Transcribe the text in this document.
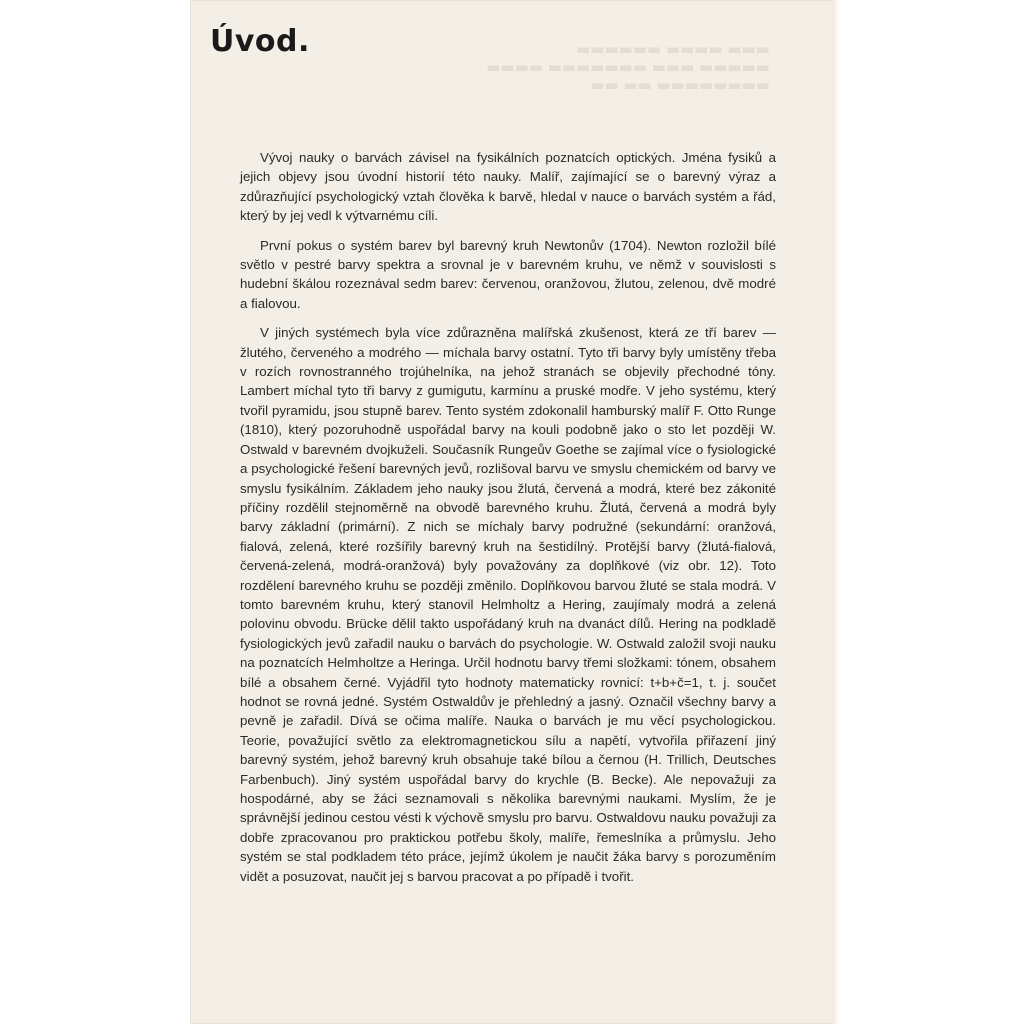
▬▬▬ ▬▬▬▬ ▬▬▬▬▬▬
▬▬▬▬▬ ▬▬▬ ▬▬▬▬▬▬▬ ▬▬▬▬
▬▬▬▬▬▬▬▬ ▬▬ ▬▬
Úvod.

Vývoj nauky o barvách závisel na fysikálních poznatcích optických. Jména fysiků a jejich objevy jsou úvodní historií této nauky. Malíř, zajímající se o barevný výraz a zdůrazňující psychologický vztah člověka k barvě, hledal v nauce o barvách systém a řád, který by jej vedl k výtvarnému cíli.

První pokus o systém barev byl barevný kruh Newtonův (1704). Newton rozložil bílé světlo v pestré barvy spektra a srovnal je v barevném kruhu, ve němž v souvislosti s hudební škálou rozeznával sedm barev: červenou, oranžovou, žlutou, zelenou, dvě modré a fialovou.

V jiných systémech byla více zdůrazněna malířská zkušenost, která ze tří barev — žlutého, červeného a modrého — míchala barvy ostatní. Tyto tři barvy byly umístěny třeba v rozích rovnostranného trojúhelníka, na jehož stranách se objevily přechodné tóny. Lambert míchal tyto tři barvy z gumigutu, karmínu a pruské modře. V jeho systému, který tvořil pyramidu, jsou stupně barev. Tento systém zdokonalil hamburský malíř F. Otto Runge (1810), který pozoruhodně uspořádal barvy na kouli podobně jako o sto let později W. Ostwald v barevném dvojkuželi. Současník Rungeův Goethe se zajímal více o fysiologické a psychologické řešení barevných jevů, rozlišoval barvu ve smyslu chemickém od barvy ve smyslu fysikálním. Základem jeho nauky jsou žlutá, červená a modrá, které bez zákonité příčiny rozdělil stejnoměrně na obvodě barevného kruhu. Žlutá, červená a modrá byly barvy základní (primární). Z nich se míchaly barvy podružné (sekundární: oranžová, fialová, zelená, které rozšířily barevný kruh na šestidílný. Protější barvy (žlutá-fialová, červená-zelená, modrá-oranžová) byly považovány za doplňkové (viz obr. 12). Toto rozdělení barevného kruhu se později změnilo. Doplňkovou barvou žluté se stala modrá. V tomto barevném kruhu, který stanovil Helmholtz a Hering, zaujímaly modrá a zelená polovinu obvodu. Brücke dělil takto uspořádaný kruh na dvanáct dílů. Hering na podkladě fysiologických jevů zařadil nauku o barvách do psychologie. W. Ostwald založil svoji nauku na poznatcích Helmholtze a Heringa. Určil hodnotu barvy třemi složkami: tónem, obsahem bílé a obsahem černé. Vyjádřil tyto hodnoty matematicky rovnicí: t+b+č=1, t. j. součet hodnot se rovná jedné. Systém Ostwaldův je přehledný a jasný. Označil všechny barvy a pevně je zařadil. Dívá se očima malíře. Nauka o barvách je mu věcí psychologickou. Teorie, považující světlo za elektromagnetickou sílu a napětí, vytvořila přiřazení jiný barevný systém, jehož barevný kruh obsahuje také bílou a černou (H. Trillich, Deutsches Farbenbuch). Jiný systém uspořádal barvy do krychle (B. Becke). Ale nepovažuji za hospodárné, aby se žáci seznamovali s několika barevnými naukami. Myslím, že je správnější jedinou cestou vésti k výchově smyslu pro barvu. Ostwaldovu nauku považuji za dobře zpracovanou pro praktickou potřebu školy, malíře, řemeslníka a průmyslu. Jeho systém se stal podkladem této práce, jejímž úkolem je naučit žáka barvy s porozuměním vidět a posuzovat, naučit jej s barvou pracovat a po případě i tvořit.
